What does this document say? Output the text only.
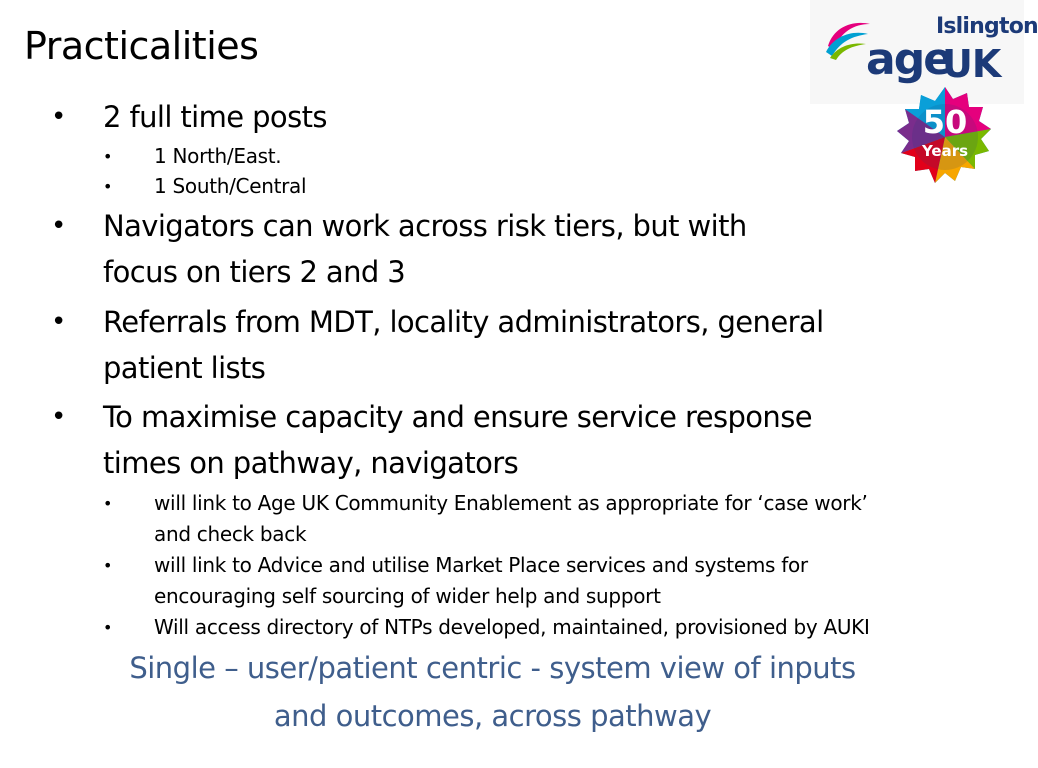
Practicalities
• 2 full time posts
• 1 North/East.
• 1 South/Central
• Navigators can work across risk tiers, but with
focus on tiers 2 and 3
• Referrals from MDT, locality administrators, general
patient lists
• To maximise capacity and ensure service response
times on pathway, navigators
• will link to Age UK Community Enablement as appropriate for ‘case work’
and check back
• will link to Advice and utilise Market Place services and systems for
encouraging self sourcing of wider help and support
• Will access directory of NTPs developed, maintained, provisioned by AUKI
Single – user/patient centric - system view of inputs
and outcomes, across pathway
Islington
age
UK
50
Years
